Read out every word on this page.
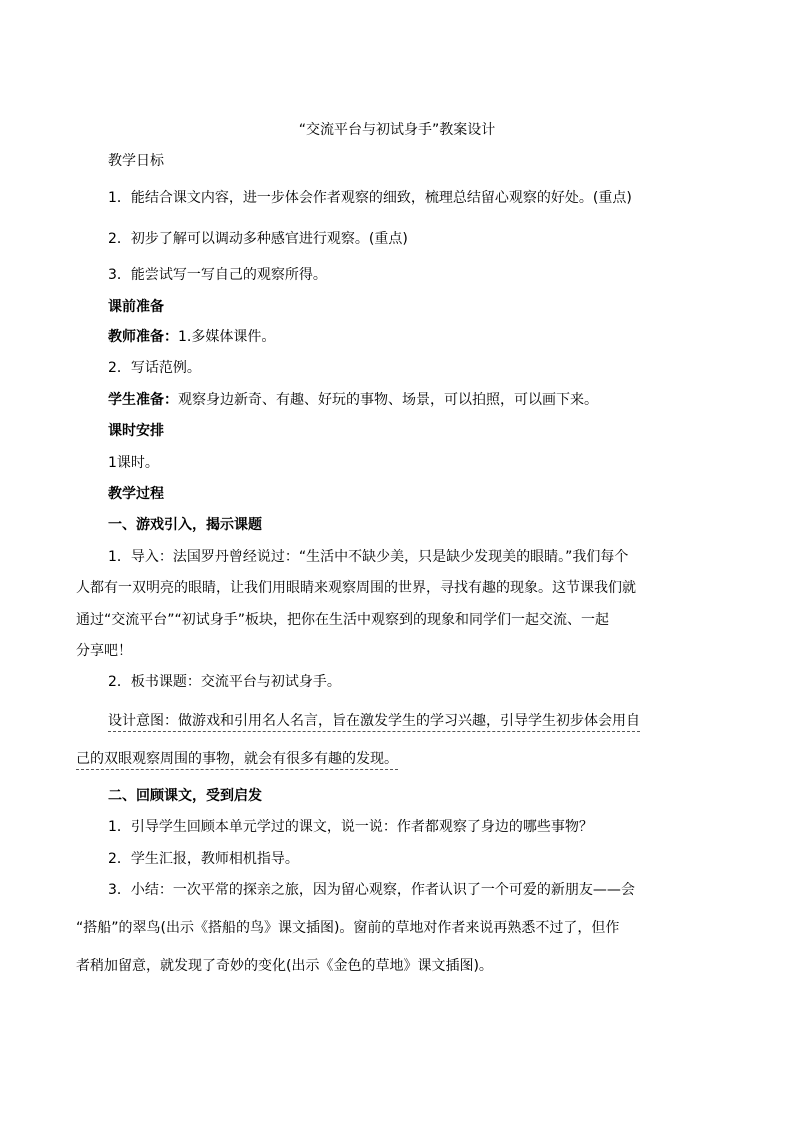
“交流平台与初试身手”教案设计
教学日标
1．能结合课文内容，进一步体会作者观察的细致，梳理总结留心观察的好处。(重点)
2．初步了解可以调动多种感官进行观察。(重点)
3．能尝试写一写自己的观察所得。
课前准备
教师准备：1.多媒体课件。
2．写话范例。
学生准备：观察身边新奇、有趣、好玩的事物、场景，可以拍照，可以画下来。
课时安排
1课时。
教学过程
一、游戏引入，揭示课题
1．导入：法国罗丹曾经说过：“生活中不缺少美，只是缺少发现美的眼睛。”我们每个
人都有一双明亮的眼睛，让我们用眼睛来观察周围的世界，寻找有趣的现象。这节课我们就
通过“交流平台”“初试身手”板块，把你在生活中观察到的现象和同学们一起交流、一起
分享吧！
2．板书课题：交流平台与初试身手。
设计意图：做游戏和引用名人名言，旨在激发学生的学习兴趣，引导学生初步体会用自
己的双眼观察周围的事物，就会有很多有趣的发现。
二、回顾课文，受到启发
1．引导学生回顾本单元学过的课文，说一说：作者都观察了身边的哪些事物？
2．学生汇报，教师相机指导。
3．小结：一次平常的探亲之旅，因为留心观察，作者认识了一个可爱的新朋友——会
“搭船”的翠鸟(出示《搭船的鸟》课文插图)。窗前的草地对作者来说再熟悉不过了，但作
者稍加留意，就发现了奇妙的变化(出示《金色的草地》课文插图)。
